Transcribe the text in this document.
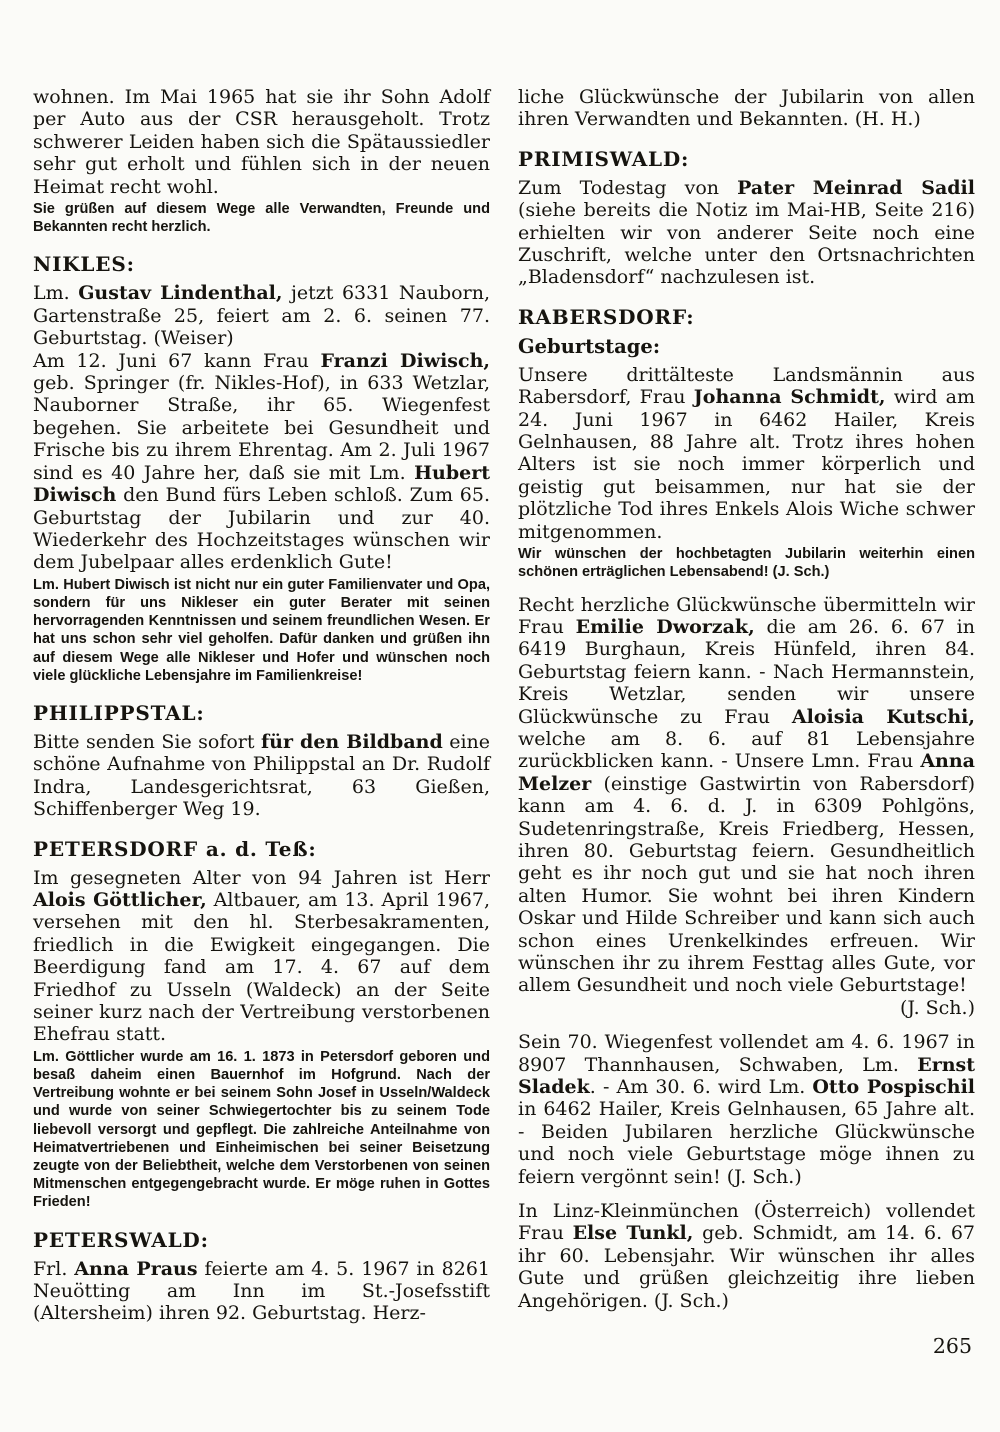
wohnen. Im Mai 1965 hat sie ihr Sohn Adolf per Auto aus der CSR herausgeholt. Trotz schwerer Leiden haben sich die Spätaussiedler sehr gut erholt und fühlen sich in der neuen Heimat recht wohl.
Sie grüßen auf diesem Wege alle Verwandten, Freunde und Bekannten recht herzlich.
NIKLES:
Lm. Gustav Lindenthal, jetzt 6331 Nauborn, Gartenstraße 25, feiert am 2. 6. seinen 77. Geburtstag. (Weiser)
Am 12. Juni 67 kann Frau Franzi Diwisch, geb. Springer (fr. Nikles-Hof), in 633 Wetzlar, Nauborner Straße, ihr 65. Wiegenfest begehen. Sie arbeitete bei Gesundheit und Frische bis zu ihrem Ehrentag. Am 2. Juli 1967 sind es 40 Jahre her, daß sie mit Lm. Hubert Diwisch den Bund fürs Leben schloß. Zum 65. Geburtstag der Jubilarin und zur 40. Wiederkehr des Hochzeitstages wünschen wir dem Jubelpaar alles erdenklich Gute!
Lm. Hubert Diwisch ist nicht nur ein guter Familienvater und Opa, sondern für uns Nikleser ein guter Berater mit seinen hervorragenden Kenntnissen und seinem freundlichen Wesen. Er hat uns schon sehr viel geholfen. Dafür danken und grüßen ihn auf diesem Wege alle Nikleser und Hofer und wünschen noch viele glückliche Lebensjahre im Familienkreise!
PHILIPPSTAL:
Bitte senden Sie sofort für den Bildband eine schöne Aufnahme von Philippstal an Dr. Rudolf Indra, Landesgerichtsrat, 63 Gießen, Schiffenberger Weg 19.
PETERSDORF a. d. Teß:
Im gesegneten Alter von 94 Jahren ist Herr Alois Göttlicher, Altbauer, am 13. April 1967, versehen mit den hl. Sterbesakramenten, friedlich in die Ewigkeit eingegangen. Die Beerdigung fand am 17. 4. 67 auf dem Friedhof zu Usseln (Waldeck) an der Seite seiner kurz nach der Vertreibung verstorbenen Ehefrau statt.
Lm. Göttlicher wurde am 16. 1. 1873 in Petersdorf geboren und besaß daheim einen Bauernhof im Hofgrund. Nach der Vertreibung wohnte er bei seinem Sohn Josef in Usseln/Waldeck und wurde von seiner Schwiegertochter bis zu seinem Tode liebevoll versorgt und gepflegt. Die zahlreiche Anteilnahme von Heimatvertriebenen und Einheimischen bei seiner Beisetzung zeugte von der Beliebtheit, welche dem Verstorbenen von seinen Mitmenschen entgegengebracht wurde. Er möge ruhen in Gottes Frieden!
PETERSWALD:
Frl. Anna Praus feierte am 4. 5. 1967 in 8261 Neuötting am Inn im St.-Josefsstift (Altersheim) ihren 92. Geburtstag. Herz-
liche Glückwünsche der Jubilarin von allen ihren Verwandten und Bekannten. (H. H.)
PRIMISWALD:
Zum Todestag von Pater Meinrad Sadil (siehe bereits die Notiz im Mai-HB, Seite 216) erhielten wir von anderer Seite noch eine Zuschrift, welche unter den Ortsnachrichten „Bladensdorf“ nachzulesen ist.
RABERSDORF:
Geburtstage:
Unsere drittälteste Landsmännin aus Rabersdorf, Frau Johanna Schmidt, wird am 24. Juni 1967 in 6462 Hailer, Kreis Gelnhausen, 88 Jahre alt. Trotz ihres hohen Alters ist sie noch immer körperlich und geistig gut beisammen, nur hat sie der plötzliche Tod ihres Enkels Alois Wiche schwer mitgenommen.
Wir wünschen der hochbetagten Jubilarin weiterhin einen schönen erträglichen Lebensabend! (J. Sch.)
Recht herzliche Glückwünsche übermitteln wir Frau Emilie Dworzak, die am 26. 6. 67 in 6419 Burghaun, Kreis Hünfeld, ihren 84. Geburtstag feiern kann. - Nach Hermannstein, Kreis Wetzlar, senden wir unsere Glückwünsche zu Frau Aloisia Kutschi, welche am 8. 6. auf 81 Lebensjahre zurückblicken kann. - Unsere Lmn. Frau Anna Melzer (einstige Gastwirtin von Rabersdorf) kann am 4. 6. d. J. in 6309 Pohlgöns, Sudetenringstraße, Kreis Friedberg, Hessen, ihren 80. Geburtstag feiern. Gesundheitlich geht es ihr noch gut und sie hat noch ihren alten Humor. Sie wohnt bei ihren Kindern Oskar und Hilde Schreiber und kann sich auch schon eines Urenkelkindes erfreuen. Wir wünschen ihr zu ihrem Festtag alles Gute, vor allem Gesundheit und noch viele Geburtstage!
(J. Sch.)
Sein 70. Wiegenfest vollendet am 4. 6. 1967 in 8907 Thannhausen, Schwaben, Lm. Ernst Sladek. - Am 30. 6. wird Lm. Otto Pospischil in 6462 Hailer, Kreis Gelnhausen, 65 Jahre alt. - Beiden Jubilaren herzliche Glückwünsche und noch viele Geburtstage möge ihnen zu feiern vergönnt sein! (J. Sch.)
In Linz-Kleinmünchen (Österreich) vollendet Frau Else Tunkl, geb. Schmidt, am 14. 6. 67 ihr 60. Lebensjahr. Wir wünschen ihr alles Gute und grüßen gleichzeitig ihre lieben Angehörigen. (J. Sch.)
265
